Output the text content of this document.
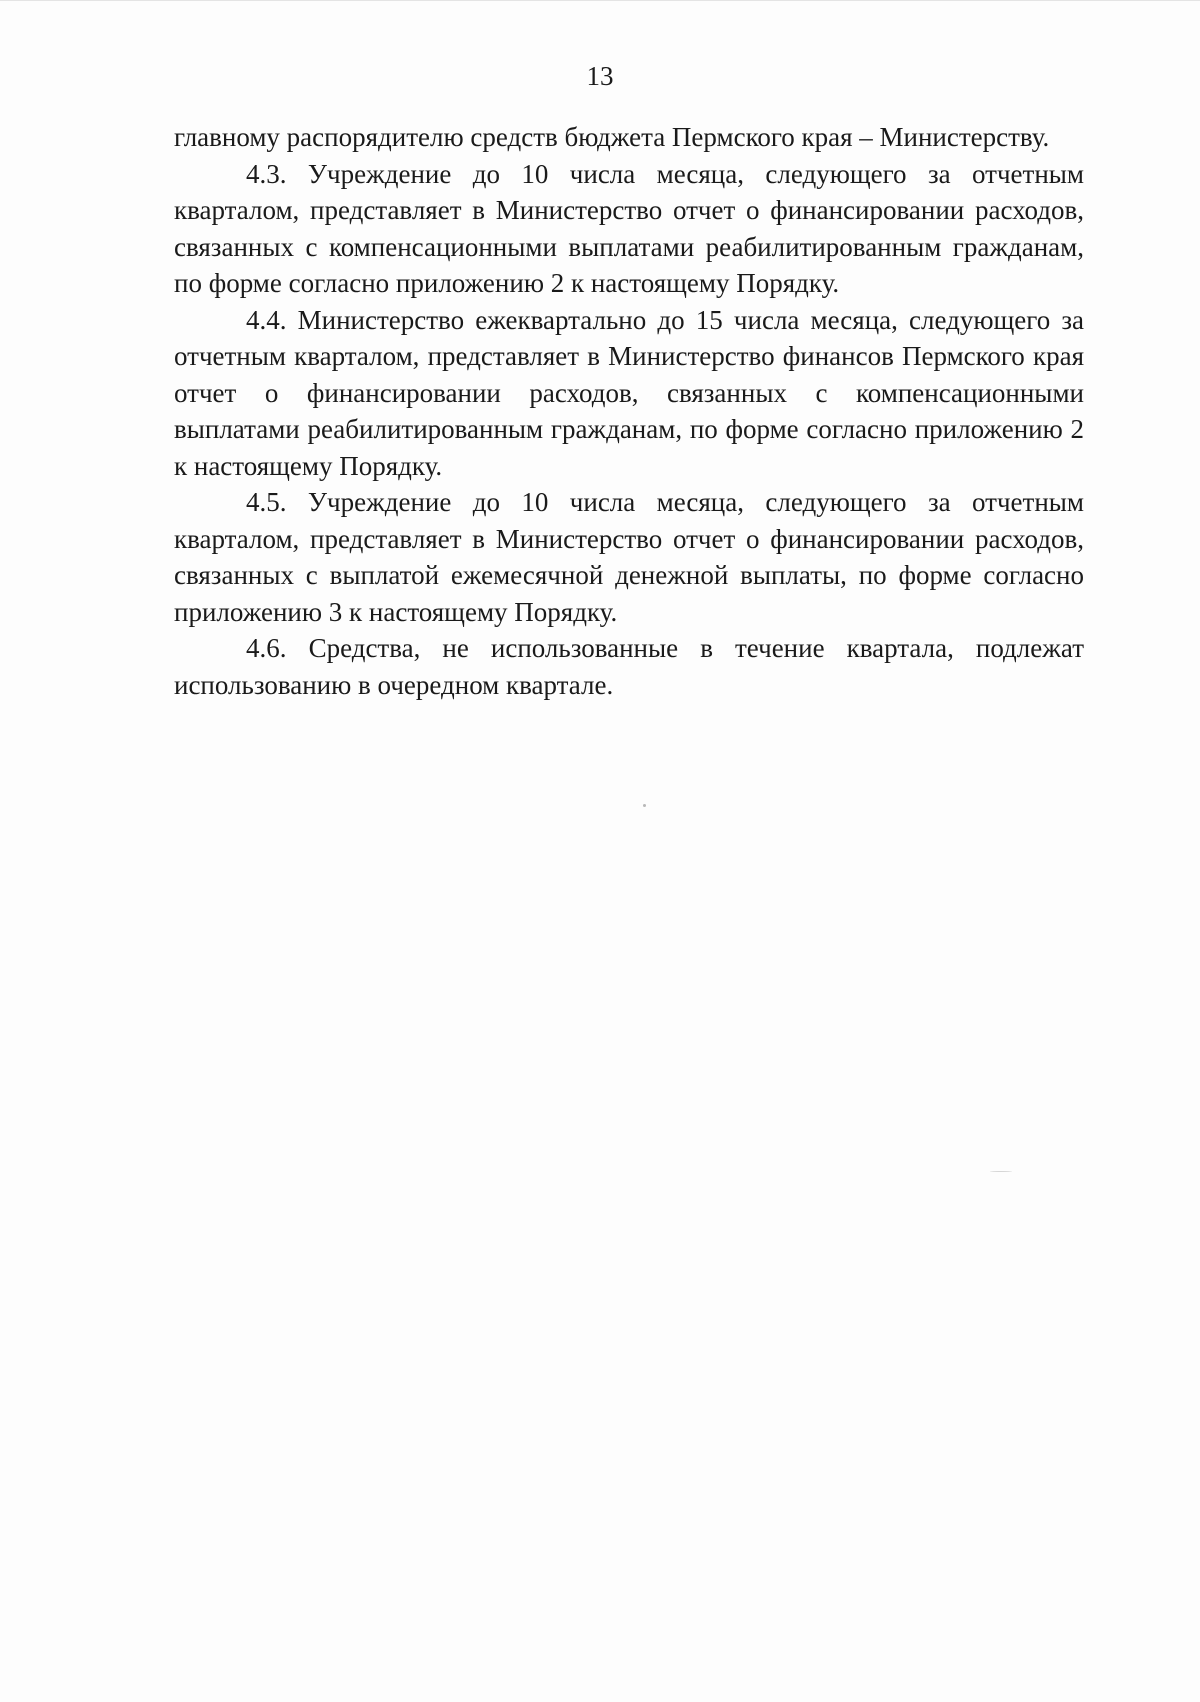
13

главному распорядителю средств бюджета Пермского края – Министерству.

4.3. Учреждение до 10 числа месяца, следующего за отчетным кварталом, представляет в Министерство отчет о финансировании расходов, связанных с компенсационными выплатами реабилитированным гражданам, по форме согласно приложению 2 к настоящему Порядку.

4.4. Министерство ежеквартально до 15 числа месяца, следующего за отчетным кварталом, представляет в Министерство финансов Пермского края отчет о финансировании расходов, связанных с компенсационными выплатами реабилитированным гражданам, по форме согласно приложению 2 к настоящему Порядку.

4.5. Учреждение до 10 числа месяца, следующего за отчетным кварталом, представляет в Министерство отчет о финансировании расходов, связанных с выплатой ежемесячной денежной выплаты, по форме согласно приложению 3 к настоящему Порядку.

4.6. Средства, не использованные в течение квартала, подлежат использованию в очередном квартале.
